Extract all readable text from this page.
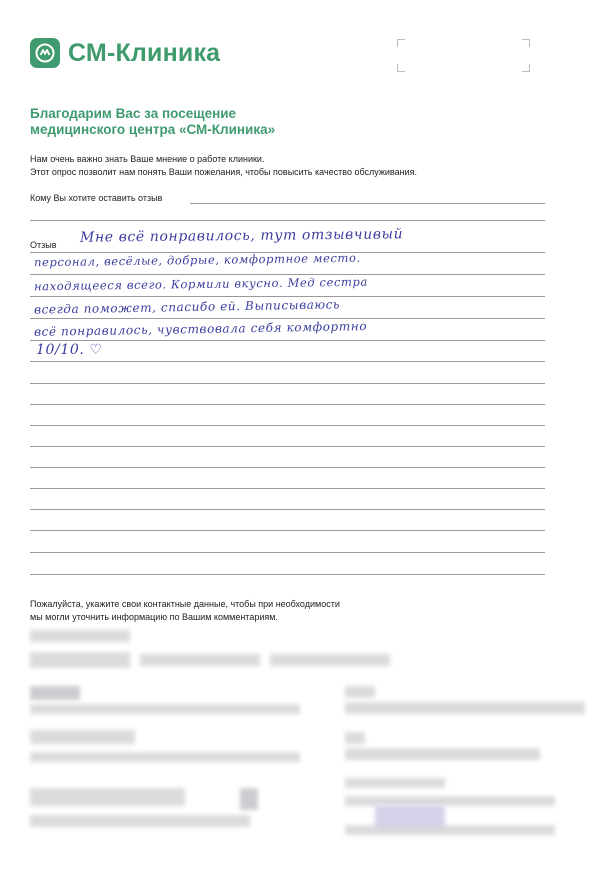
СМ-Клиника
Благодарим Вас за посещение
медицинского центра «СМ-Клиника»
Нам очень важно знать Ваше мнение о работе клиники.
Этот опрос позволит нам понять Ваши пожелания, чтобы повысить качество обслуживания.
Кому Вы хотите оставить отзыв
Отзыв Мне всё понравилось, тут отзывчивый
персонал, весёлые, добрые, комфортное место.
находящееся всего. Кормили вкусно. Мед сестра
всегда поможет, спасибо ей. Выписываюсь
всё понравилось, чувствовала себя комфортно
10/10. ♡
Пожалуйста, укажите свои контактные данные, чтобы при необходимости
мы могли уточнить информацию по Вашим комментариям.
